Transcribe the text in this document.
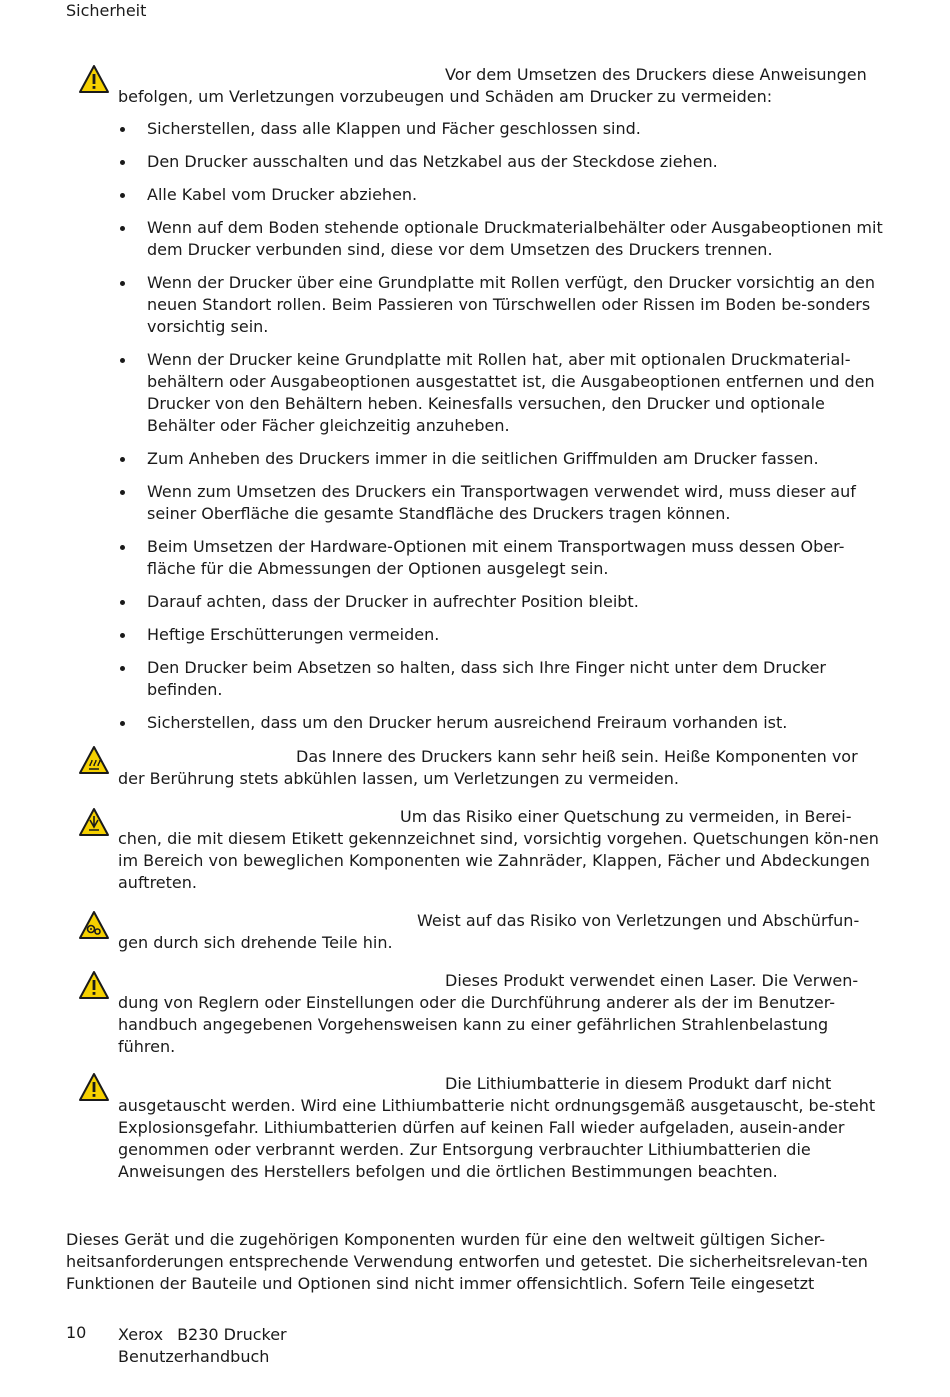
Sicherheit
Vor dem Umsetzen des Druckers diese Anweisungen befolgen, um Verletzungen vorzubeugen und Schäden am Drucker zu vermeiden:
Sicherstellen, dass alle Klappen und Fächer geschlossen sind.
Den Drucker ausschalten und das Netzkabel aus der Steckdose ziehen.
Alle Kabel vom Drucker abziehen.
Wenn auf dem Boden stehende optionale Druckmaterialbehälter oder Ausgabeoptionen mit dem Drucker verbunden sind, diese vor dem Umsetzen des Druckers trennen.
Wenn der Drucker über eine Grundplatte mit Rollen verfügt, den Drucker vorsichtig an den neuen Standort rollen. Beim Passieren von Türschwellen oder Rissen im Boden be-sonders vorsichtig sein.
Wenn der Drucker keine Grundplatte mit Rollen hat, aber mit optionalen Druckmaterial-behältern oder Ausgabeoptionen ausgestattet ist, die Ausgabeoptionen entfernen und den Drucker von den Behältern heben. Keinesfalls versuchen, den Drucker und optionale Behälter oder Fächer gleichzeitig anzuheben.
Zum Anheben des Druckers immer in die seitlichen Griffmulden am Drucker fassen.
Wenn zum Umsetzen des Druckers ein Transportwagen verwendet wird, muss dieser auf seiner Oberfläche die gesamte Standfläche des Druckers tragen können.
Beim Umsetzen der Hardware-Optionen mit einem Transportwagen muss dessen Ober-fläche für die Abmessungen der Optionen ausgelegt sein.
Darauf achten, dass der Drucker in aufrechter Position bleibt.
Heftige Erschütterungen vermeiden.
Den Drucker beim Absetzen so halten, dass sich Ihre Finger nicht unter dem Drucker befinden.
Sicherstellen, dass um den Drucker herum ausreichend Freiraum vorhanden ist.
Das Innere des Druckers kann sehr heiß sein. Heiße Komponenten vor der Berührung stets abkühlen lassen, um Verletzungen zu vermeiden.
Um das Risiko einer Quetschung zu vermeiden, in Berei-chen, die mit diesem Etikett gekennzeichnet sind, vorsichtig vorgehen. Quetschungen kön-nen im Bereich von beweglichen Komponenten wie Zahnräder, Klappen, Fächer und Abdeckungen auftreten.
Weist auf das Risiko von Verletzungen und Abschürfun-gen durch sich drehende Teile hin.
Dieses Produkt verwendet einen Laser. Die Verwen-dung von Reglern oder Einstellungen oder die Durchführung anderer als der im Benutzer-handbuch angegebenen Vorgehensweisen kann zu einer gefährlichen Strahlenbelastung führen.
Die Lithiumbatterie in diesem Produkt darf nicht ausgetauscht werden. Wird eine Lithiumbatterie nicht ordnungsgemäß ausgetauscht, be-steht Explosionsgefahr. Lithiumbatterien dürfen auf keinen Fall wieder aufgeladen, ausein-ander genommen oder verbrannt werden. Zur Entsorgung verbrauchter Lithiumbatterien die Anweisungen des Herstellers befolgen und die örtlichen Bestimmungen beachten.
Dieses Gerät und die zugehörigen Komponenten wurden für eine den weltweit gültigen Sicher-heitsanforderungen entsprechende Verwendung entworfen und getestet. Die sicherheitsrelevan-ten Funktionen der Bauteile und Optionen sind nicht immer offensichtlich. Sofern Teile eingesetzt
10 Xerox B230 Drucker
Benutzerhandbuch
